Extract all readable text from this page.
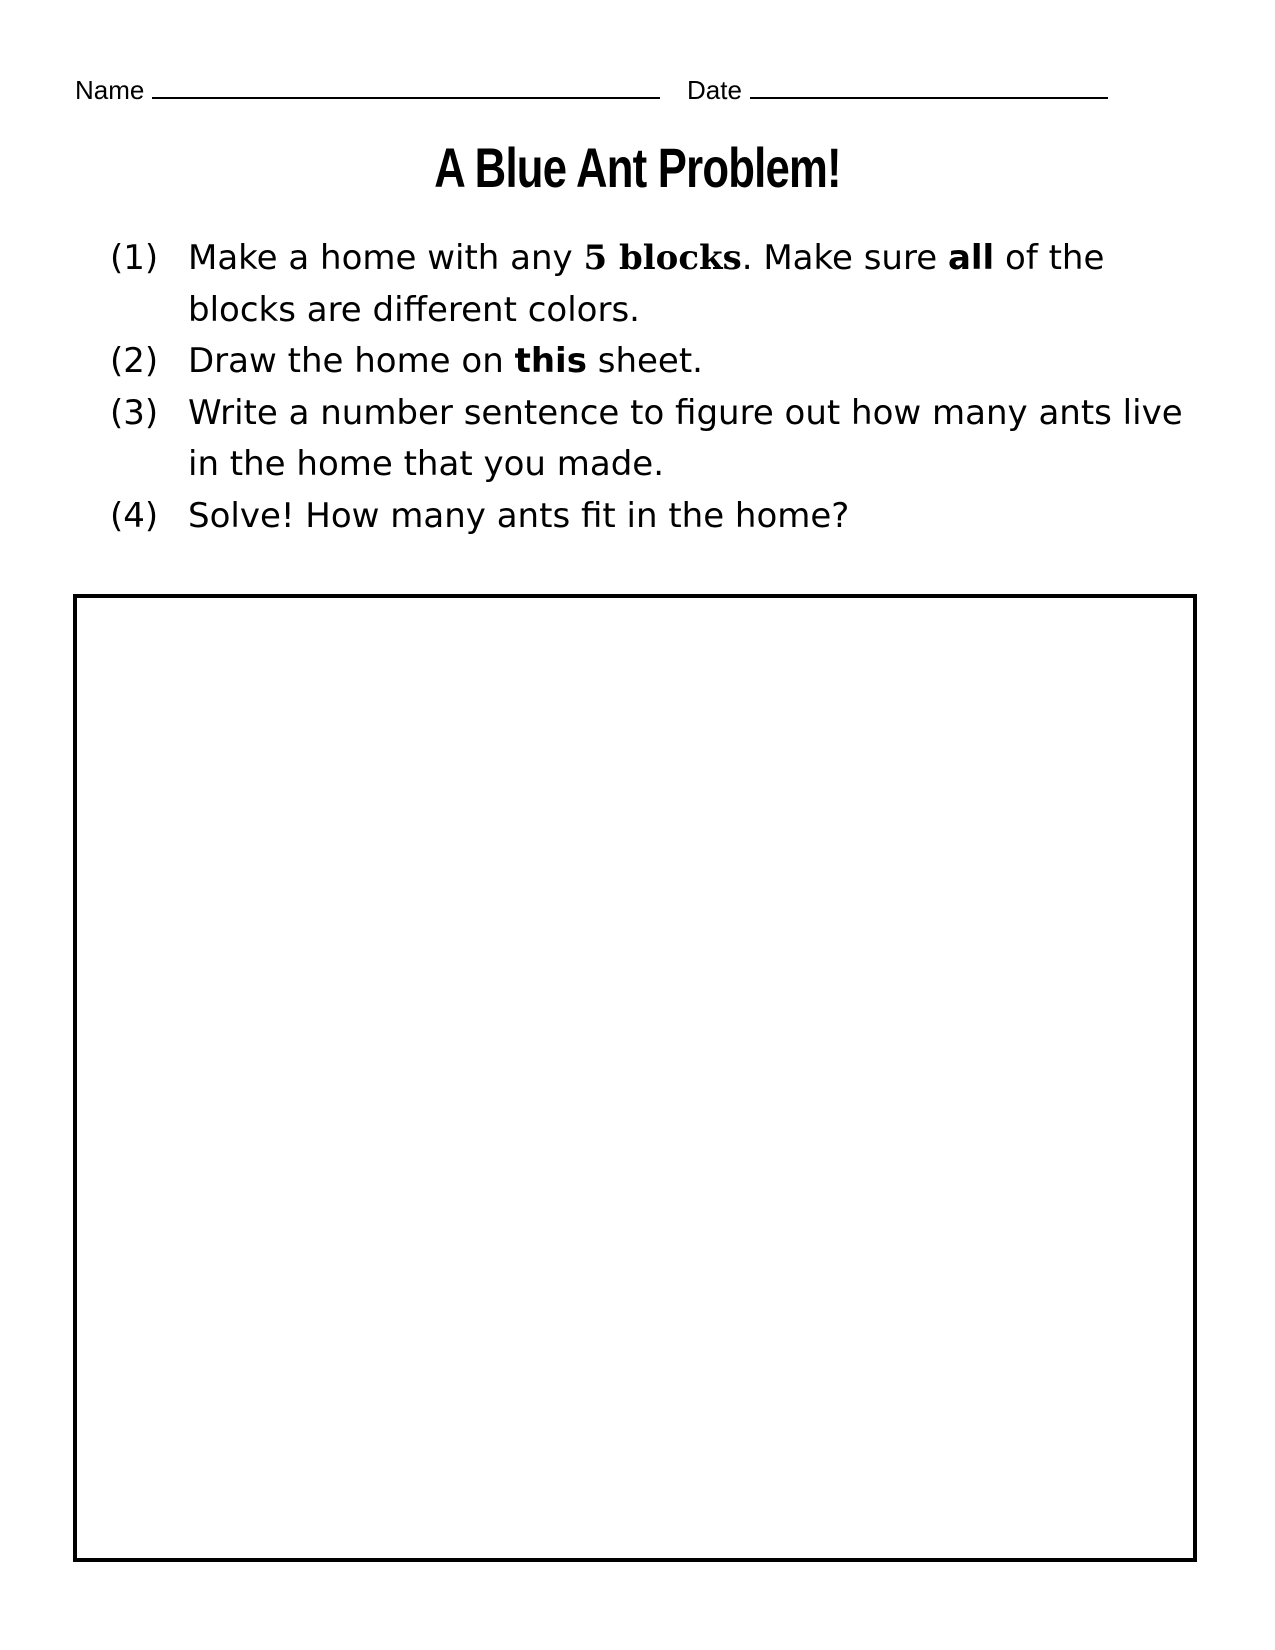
Name	Date
A Blue Ant Problem!
(1) Make a home with any 5 blocks. Make sure all of the blocks are different colors.
(2) Draw the home on this sheet.
(3) Write a number sentence to figure out how many ants live in the home that you made.
(4) Solve! How many ants fit in the home?
